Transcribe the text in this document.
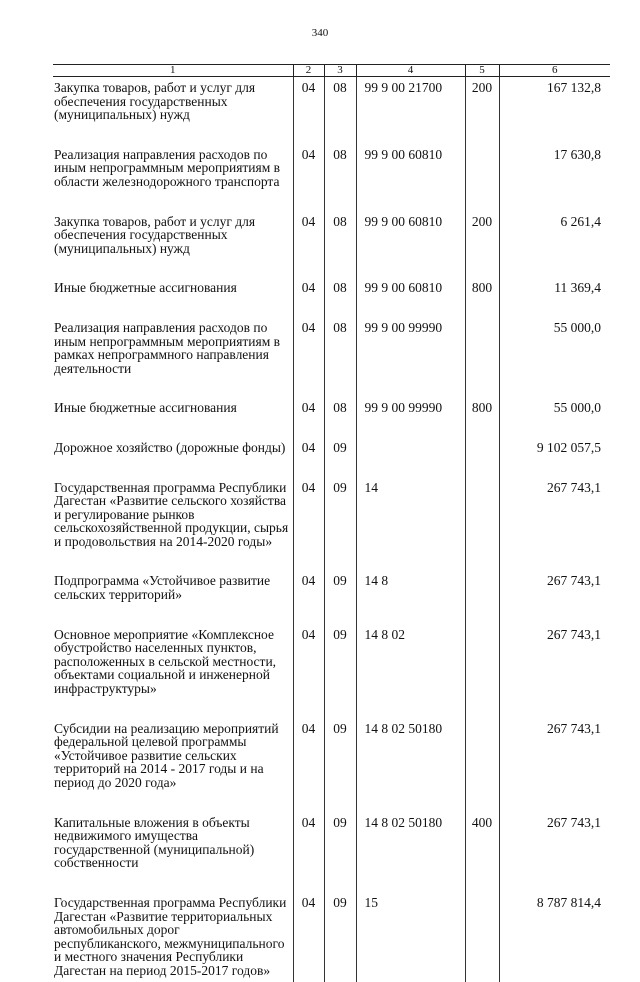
340
1	2	3	4	5	6
Закупка товаров, работ и услуг для обеспечения государственных (муниципальных) нужд	04	08	99 9 00 21700	200	167 132,8

Реализация направления расходов по иным непрограммным мероприятиям в области железнодорожного транспорта	04	08	99 9 00 60810		17 630,8

Закупка товаров, работ и услуг для обеспечения государственных (муниципальных) нужд	04	08	99 9 00 60810	200	6 261,4

Иные бюджетные ассигнования	04	08	99 9 00 60810	800	11 369,4

Реализация направления расходов по иным непрограммным мероприятиям в рамках непрограммного направления деятельности	04	08	99 9 00 99990		55 000,0

Иные бюджетные ассигнования	04	08	99 9 00 99990	800	55 000,0

Дорожное хозяйство (дорожные фонды)	04	09			9 102 057,5

Государственная программа Республики Дагестан «Развитие сельского хозяйства и регулирование рынков сельскохозяйственной продукции, сырья и продовольствия на 2014-2020 годы»	04	09	14		267 743,1

Подпрограмма «Устойчивое развитие сельских территорий»	04	09	14 8		267 743,1

Основное мероприятие «Комплексное обустройство населенных пунктов, расположенных в сельской местности, объектами социальной и инженерной инфраструктуры»	04	09	14 8 02		267 743,1

Субсидии на реализацию мероприятий федеральной целевой программы «Устойчивое развитие сельских территорий на 2014 - 2017 годы и на период до 2020 года»	04	09	14 8 02 50180		267 743,1

Капитальные вложения в объекты недвижимого имущества государственной (муниципальной) собственности	04	09	14 8 02 50180	400	267 743,1

Государственная программа Республики Дагестан «Развитие территориальных автомобильных дорог республиканского, межмуниципального и местного значения Республики Дагестан на период 2015-2017 годов»	04	09	15		8 787 814,4
